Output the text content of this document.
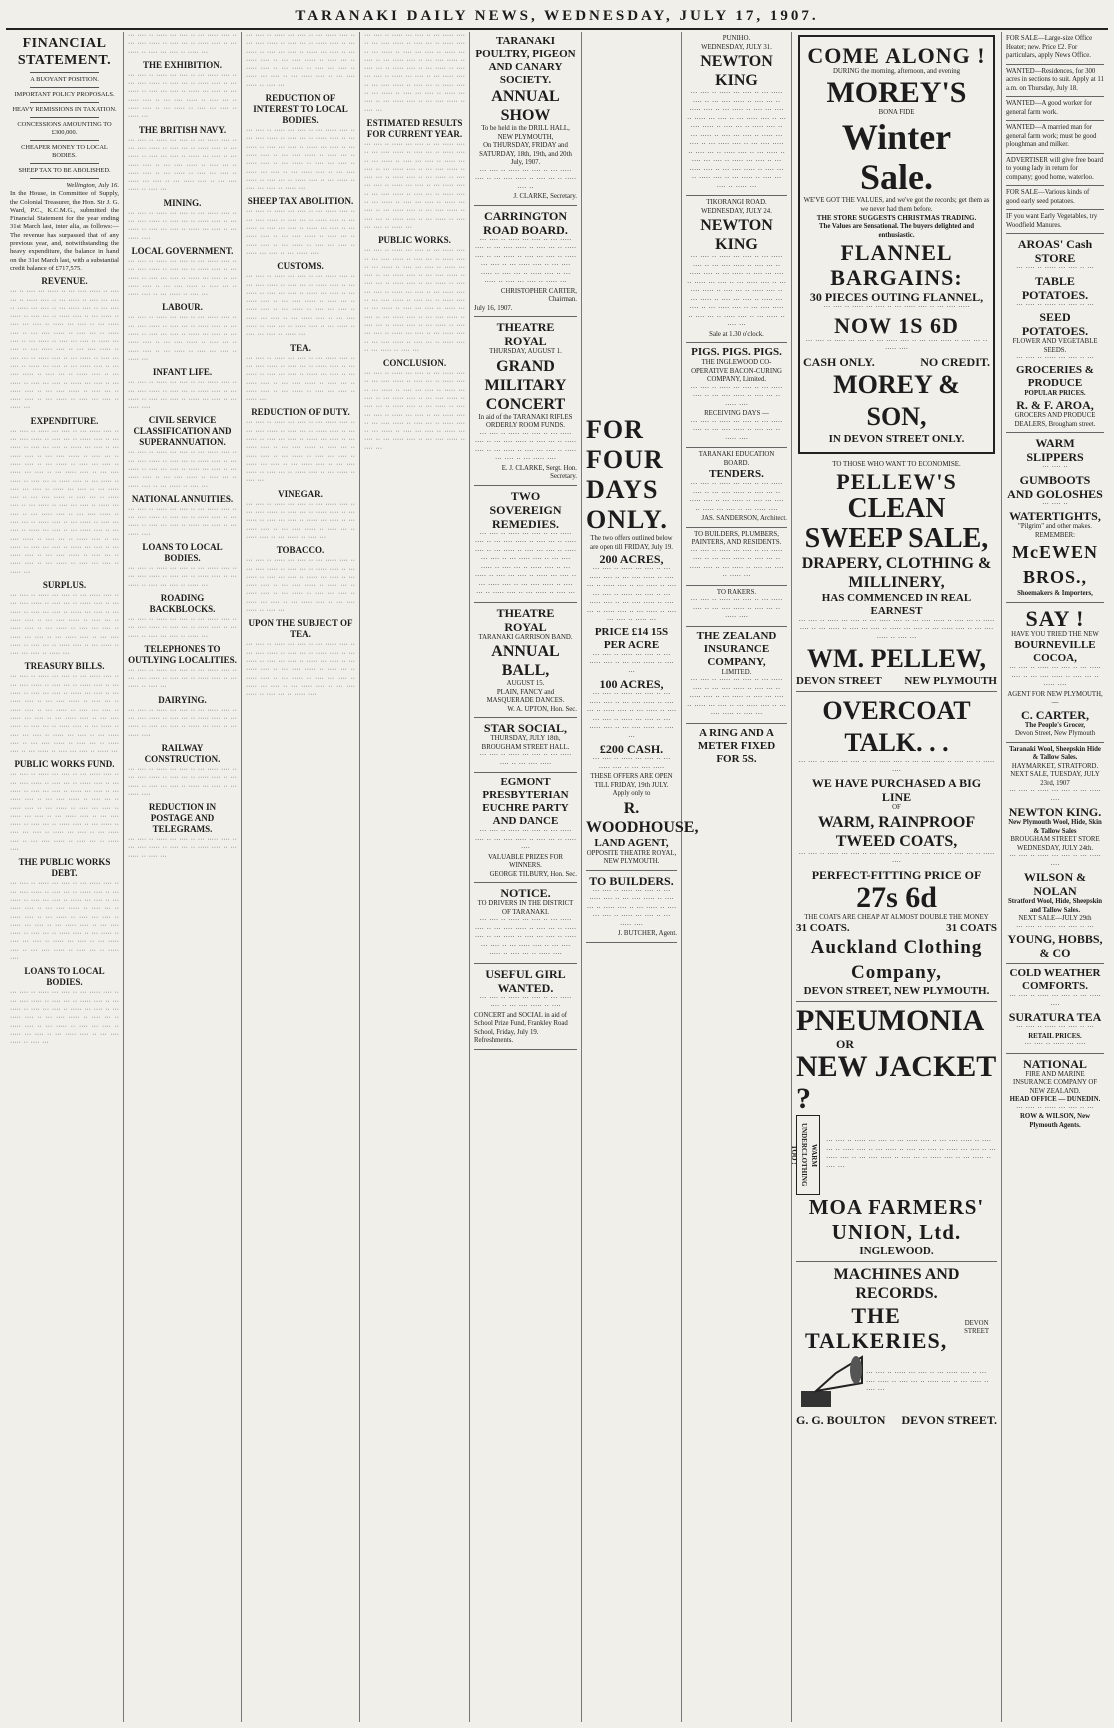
TARANAKI DAILY NEWS, WEDNESDAY, JULY 17, 1907.
FINANCIAL STATEMENT.
A BUOYANT POSITION.
IMPORTANT POLICY PROPOSALS.
HEAVY REMISSIONS IN TAXATION.
CONCESSIONS AMOUNTING TO £300,000.
CHEAPER MONEY TO LOCAL BODIES.
SHEEP TAX TO BE ABOLISHED.
Wellington, July 16.
In the House, in Committee of Supply, the Colonial Treasurer, the Hon. Sir J. G. Ward, P.C., K.C.M.G., submitted the Financial Statement for the year ending 31st March last, inter alia, as follows:— The revenue has surpassed that of any previous year, and, notwithstanding the heavy expenditure, the balance in hand on the 31st March last, with a substantial credit balance of £717,575.
REVENUE.
··· ·· ···· ··· ····· ·· ··· ···· ····· ·· ···· ··· ·· ····· ···· ·· ··· ····· ·· ···· ··· ···· ·· ····· ··· ···· ·· ··· ····· ···· ·· ··· ···· ····· ·· ···· ··· ·· ····· ···· ·· ··· ····· ·· ···· ··· ···· ·· ····· ··· ···· ·· ··· ····· ···· ·· ··· ···· ····· ·· ···· ··· ·· ····· ···· ·· ··· ····· ·· ···· ··· ···· ·· ····· ··· ···· ·· ··· ····· ···· ·· ··· ···· ····· ·· ···· ··· ·· ····· ···· ·· ··· ····· ·· ···· ··· ···· ·· ····· ··· ···· ·· ··· ····· ···· ·· ··· ···· ····· ·· ···· ··· ·· ····· ···· ·· ··· ····· ·· ···· ··· ···· ·· ····· ··· ···· ·· ··· ····· ···· ·· ··· ···· ····· ·· ···· ··· ·· ····· ···· ·· ··· ····· ·· ···· ··· ···· ·· ····· ···
EXPENDITURE.
··· ···· ·· ····· ··· ···· ·· ··· ····· ···· ·· ··· ···· ····· ·· ···· ··· ·· ····· ···· ·· ··· ····· ·· ···· ··· ···· ·· ····· ··· ···· ·· ··· ····· ···· ·· ··· ···· ····· ·· ···· ··· ·· ····· ···· ·· ··· ····· ·· ···· ··· ···· ·· ····· ··· ···· ·· ··· ····· ···· ·· ··· ···· ····· ·· ···· ··· ·· ····· ···· ·· ··· ····· ·· ···· ··· ···· ·· ····· ··· ···· ·· ··· ····· ···· ·· ··· ···· ····· ·· ···· ··· ·· ····· ···· ·· ··· ····· ·· ···· ··· ···· ·· ····· ··· ···· ·· ··· ····· ···· ·· ··· ···· ····· ·· ···· ··· ·· ····· ···· ·· ··· ····· ·· ···· ··· ···· ·· ····· ··· ···· ·· ··· ····· ···· ·· ··· ···· ····· ·· ···· ··· ·· ····· ···· ·· ··· ····· ·· ···· ··· ···· ·· ····· ··· ···· ·· ··· ····· ···· ·· ··· ···· ····· ·· ···· ··· ·· ····· ···· ·· ··· ····· ·· ···· ··· ···· ·· ····· ···
SURPLUS.
··· ···· ·· ····· ··· ···· ·· ··· ····· ···· ·· ··· ···· ····· ·· ···· ··· ·· ····· ···· ·· ··· ····· ·· ···· ··· ···· ·· ····· ··· ···· ·· ··· ····· ···· ·· ··· ···· ····· ·· ···· ··· ·· ····· ···· ·· ··· ····· ·· ···· ··· ···· ·· ····· ··· ···· ·· ··· ····· ···· ·· ··· ···· ····· ·· ···· ··· ·· ····· ···· ·· ··· ····· ·· ···· ··· ···· ·· ····· ···
TREASURY BILLS.
··· ···· ·· ····· ··· ···· ·· ··· ····· ···· ·· ··· ···· ····· ·· ···· ··· ·· ····· ···· ·· ··· ····· ·· ···· ··· ···· ·· ····· ··· ···· ·· ··· ····· ···· ·· ··· ···· ····· ·· ···· ··· ·· ····· ···· ·· ··· ····· ·· ···· ··· ···· ·· ····· ··· ···· ·· ··· ····· ···· ·· ··· ···· ····· ·· ···· ··· ·· ····· ···· ·· ··· ····· ·· ···· ··· ···· ·· ····· ··· ···· ·· ··· ····· ···· ·· ··· ···· ····· ·· ···· ··· ·· ····· ···· ·· ··· ····· ·· ···· ··· ···· ·· ····· ···
PUBLIC WORKS FUND.
··· ···· ·· ····· ··· ···· ·· ··· ····· ···· ·· ··· ···· ····· ·· ···· ··· ·· ····· ···· ·· ··· ····· ·· ···· ··· ···· ·· ····· ··· ···· ·· ··· ····· ···· ·· ··· ···· ····· ·· ···· ··· ·· ····· ···· ·· ··· ····· ·· ···· ··· ···· ·· ····· ··· ···· ·· ··· ····· ···· ·· ··· ···· ····· ·· ···· ··· ·· ····· ···· ·· ··· ····· ·· ···· ··· ···· ·· ····· ··· ···· ·· ··· ····· ···· ·· ··· ···· ····· ·· ···· ··· ·· ····· ····
THE PUBLIC WORKS DEBT.
··· ···· ·· ····· ··· ···· ·· ··· ····· ···· ·· ··· ···· ····· ·· ···· ··· ·· ····· ···· ·· ··· ····· ·· ···· ··· ···· ·· ····· ··· ···· ·· ··· ····· ···· ·· ··· ···· ····· ·· ···· ··· ·· ····· ···· ·· ··· ····· ·· ···· ··· ···· ·· ····· ··· ···· ·· ··· ····· ···· ·· ··· ···· ····· ·· ···· ··· ·· ····· ···· ·· ··· ····· ·· ···· ··· ···· ·· ····· ··· ···· ·· ··· ····· ···· ·· ··· ···· ····· ·· ···· ··· ·· ····· ····
LOANS TO LOCAL BODIES.
··· ···· ·· ····· ··· ···· ·· ··· ····· ···· ·· ··· ···· ····· ·· ···· ··· ·· ····· ···· ·· ··· ····· ·· ···· ··· ···· ·· ····· ··· ···· ·· ··· ····· ···· ·· ··· ···· ····· ·· ···· ··· ·· ····· ···· ·· ··· ····· ·· ···· ··· ···· ·· ····· ··· ···· ·· ··· ····· ···· ·· ··· ···· ····· ·· ···· ···
··· ···· ·· ····· ··· ···· ·· ··· ····· ···· ·· ··· ···· ····· ·· ···· ··· ·· ····· ···· ·· ··· ····· ·· ···· ··· ···· ·· ····· ···
THE EXHIBITION.
··· ···· ·· ····· ··· ···· ·· ··· ····· ···· ·· ··· ···· ····· ·· ···· ··· ·· ····· ···· ·· ··· ····· ·· ···· ··· ···· ·· ····· ··· ···· ·· ··· ····· ···· ·· ··· ···· ····· ·· ···· ··· ·· ····· ···· ·· ··· ····· ·· ···· ··· ···· ·· ····· ···
THE BRITISH NAVY.
··· ···· ·· ····· ··· ···· ·· ··· ····· ···· ·· ··· ···· ····· ·· ···· ··· ·· ····· ···· ·· ··· ····· ·· ···· ··· ···· ·· ····· ··· ···· ·· ··· ····· ···· ·· ··· ···· ····· ·· ···· ··· ·· ····· ···· ·· ··· ····· ·· ···· ··· ···· ·· ····· ··· ···· ·· ··· ····· ···· ·· ··· ···· ····· ·· ···· ···
MINING.
··· ···· ·· ····· ··· ···· ·· ··· ····· ···· ·· ··· ···· ····· ·· ···· ··· ·· ····· ···· ·· ··· ····· ·· ···· ··· ···· ·· ····· ··· ···· ·· ··· ····· ····
LOCAL GOVERNMENT.
··· ···· ·· ····· ··· ···· ·· ··· ····· ···· ·· ··· ···· ····· ·· ···· ··· ·· ····· ···· ·· ··· ····· ·· ···· ··· ···· ·· ····· ··· ···· ·· ··· ····· ···· ·· ··· ···· ····· ·· ···· ··· ·· ····· ···· ·· ··· ····· ·· ···· ···
LABOUR.
··· ···· ·· ····· ··· ···· ·· ··· ····· ···· ·· ··· ···· ····· ·· ···· ··· ·· ····· ···· ·· ··· ····· ·· ···· ··· ···· ·· ····· ··· ···· ·· ··· ····· ···· ·· ··· ···· ····· ·· ···· ··· ·· ····· ···· ·· ··· ····· ·· ···· ··· ···· ·· ····· ···
INFANT LIFE.
··· ···· ·· ····· ··· ···· ·· ··· ····· ···· ·· ··· ···· ····· ·· ···· ··· ·· ····· ···· ·· ··· ····· ·· ···· ··· ···· ·· ····· ··· ···· ·· ··· ····· ····
CIVIL SERVICE CLASSIFICATION AND SUPERANNUATION.
··· ···· ·· ····· ··· ···· ·· ··· ····· ···· ·· ··· ···· ····· ·· ···· ··· ·· ····· ···· ·· ··· ····· ·· ···· ··· ···· ·· ····· ··· ···· ·· ··· ····· ···· ·· ··· ···· ····· ·· ···· ··· ·· ····· ···· ·· ··· ····· ·· ···· ···
NATIONAL ANNUITIES.
··· ···· ·· ····· ··· ···· ·· ··· ····· ···· ·· ··· ···· ····· ·· ···· ··· ·· ····· ···· ·· ··· ····· ·· ···· ··· ···· ·· ····· ··· ···· ·· ··· ····· ····
LOANS TO LOCAL BODIES.
··· ···· ·· ····· ··· ···· ·· ··· ····· ···· ·· ··· ···· ····· ·· ···· ··· ·· ····· ···· ·· ··· ····· ·· ···· ··· ···· ·· ····· ···
ROADING BACKBLOCKS.
··· ···· ·· ····· ··· ···· ·· ··· ····· ···· ·· ··· ···· ····· ·· ···· ··· ·· ····· ···· ·· ··· ····· ·· ···· ··· ···· ·· ····· ···
TELEPHONES TO OUTLYING LOCALITIES.
··· ···· ·· ····· ··· ···· ·· ··· ····· ···· ·· ··· ···· ····· ·· ···· ··· ·· ····· ···· ·· ··· ····· ·· ···· ···
DAIRYING.
··· ···· ·· ····· ··· ···· ·· ··· ····· ···· ·· ··· ···· ····· ·· ···· ··· ·· ····· ···· ·· ··· ····· ·· ···· ··· ···· ·· ····· ··· ···· ·· ··· ····· ····
RAILWAY CONSTRUCTION.
··· ···· ·· ····· ··· ···· ·· ··· ····· ···· ·· ··· ···· ····· ·· ···· ··· ·· ····· ···· ·· ··· ····· ·· ···· ··· ···· ·· ····· ··· ···· ·· ··· ····· ····
REDUCTION IN POSTAGE AND TELEGRAMS.
··· ···· ·· ····· ··· ···· ·· ··· ····· ···· ·· ··· ···· ····· ·· ···· ··· ·· ····· ···· ·· ··· ····· ·· ···· ···
··· ···· ·· ····· ··· ···· ·· ··· ····· ···· ·· ··· ···· ····· ·· ···· ··· ·· ····· ···· ·· ··· ····· ·· ···· ··· ···· ·· ····· ··· ···· ·· ··· ····· ···· ·· ··· ···· ····· ·· ···· ··· ·· ····· ···· ·· ··· ····· ·· ···· ··· ···· ·· ····· ··· ···· ·· ··· ····· ···· ·· ··· ···· ····· ·· ···· ···
REDUCTION OF INTEREST TO LOCAL BODIES.
··· ···· ·· ····· ··· ···· ·· ··· ····· ···· ·· ··· ···· ····· ·· ···· ··· ·· ····· ···· ·· ··· ····· ·· ···· ··· ···· ·· ····· ··· ···· ·· ··· ····· ···· ·· ··· ···· ····· ·· ···· ··· ·· ····· ···· ·· ··· ····· ·· ···· ··· ···· ·· ····· ··· ···· ·· ··· ····· ···· ·· ··· ···· ····· ·· ···· ··· ·· ····· ···· ·· ··· ····· ·· ···· ··· ···· ·· ····· ···
SHEEP TAX ABOLITION.
··· ···· ·· ····· ··· ···· ·· ··· ····· ···· ·· ··· ···· ····· ·· ···· ··· ·· ····· ···· ·· ··· ····· ·· ···· ··· ···· ·· ····· ··· ···· ·· ··· ····· ···· ·· ··· ···· ····· ·· ···· ··· ·· ····· ···· ·· ··· ····· ·· ···· ··· ···· ·· ····· ··· ···· ·· ··· ····· ····
CUSTOMS.
··· ···· ·· ····· ··· ···· ·· ··· ····· ···· ·· ··· ···· ····· ·· ···· ··· ·· ····· ···· ·· ··· ····· ·· ···· ··· ···· ·· ····· ··· ···· ·· ··· ····· ···· ·· ··· ···· ····· ·· ···· ··· ·· ····· ···· ·· ··· ····· ·· ···· ··· ···· ·· ····· ··· ···· ·· ··· ····· ···· ·· ··· ···· ····· ·· ···· ··· ·· ····· ···· ·· ··· ····· ·· ···· ··· ···· ·· ····· ···
TEA.
··· ···· ·· ····· ··· ···· ·· ··· ····· ···· ·· ··· ···· ····· ·· ···· ··· ·· ····· ···· ·· ··· ····· ·· ···· ··· ···· ·· ····· ··· ···· ·· ··· ····· ···· ·· ··· ···· ····· ·· ···· ··· ·· ····· ···· ·· ··· ····· ·· ···· ··· ···· ·· ····· ···
REDUCTION OF DUTY.
··· ···· ·· ····· ··· ···· ·· ··· ····· ···· ·· ··· ···· ····· ·· ···· ··· ·· ····· ···· ·· ··· ····· ·· ···· ··· ···· ·· ····· ··· ···· ·· ··· ····· ···· ·· ··· ···· ····· ·· ···· ··· ·· ····· ···· ·· ··· ····· ·· ···· ··· ···· ·· ····· ··· ···· ·· ··· ····· ···· ·· ··· ···· ····· ·· ···· ··· ·· ····· ···· ·· ··· ····· ·· ···· ···
VINEGAR.
··· ···· ·· ····· ··· ···· ·· ··· ····· ···· ·· ··· ···· ····· ·· ···· ··· ·· ····· ···· ·· ··· ····· ·· ···· ··· ···· ·· ····· ··· ···· ·· ··· ····· ···· ·· ··· ···· ····· ·· ···· ··· ·· ····· ···· ·· ··· ····· ·· ···· ···
TOBACCO.
··· ···· ·· ····· ··· ···· ·· ··· ····· ···· ·· ··· ···· ····· ·· ···· ··· ·· ····· ···· ·· ··· ····· ·· ···· ··· ···· ·· ····· ··· ···· ·· ··· ····· ···· ·· ··· ···· ····· ·· ···· ··· ·· ····· ···· ·· ··· ····· ·· ···· ··· ···· ·· ····· ··· ···· ·· ··· ····· ···· ·· ··· ···· ····· ·· ···· ···
UPON THE SUBJECT OF TEA.
··· ···· ·· ····· ··· ···· ·· ··· ····· ···· ·· ··· ···· ····· ·· ···· ··· ·· ····· ···· ·· ··· ····· ·· ···· ··· ···· ·· ····· ··· ···· ·· ··· ····· ···· ·· ··· ···· ····· ·· ···· ··· ·· ····· ···· ·· ··· ····· ·· ···· ··· ···· ·· ····· ··· ···· ·· ··· ····· ···· ·· ··· ···· ····· ·· ···· ··· ·· ····· ····
··· ···· ·· ····· ··· ···· ·· ··· ····· ···· ·· ··· ···· ····· ·· ···· ··· ·· ····· ···· ·· ··· ····· ·· ···· ··· ···· ·· ····· ··· ···· ·· ··· ····· ···· ·· ··· ···· ····· ·· ···· ··· ·· ····· ···· ·· ··· ····· ·· ···· ··· ···· ·· ····· ··· ···· ·· ··· ····· ···· ·· ··· ···· ····· ·· ···· ··· ·· ····· ···· ·· ··· ····· ·· ···· ··· ···· ·· ····· ··· ···· ·· ··· ····· ···· ·· ··· ···· ····· ·· ···· ···
ESTIMATED RESULTS FOR CURRENT YEAR.
··· ···· ·· ····· ··· ···· ·· ··· ····· ···· ·· ··· ···· ····· ·· ···· ··· ·· ····· ···· ·· ··· ····· ·· ···· ··· ···· ·· ····· ··· ···· ·· ··· ····· ···· ·· ··· ···· ····· ·· ···· ··· ·· ····· ···· ·· ··· ····· ·· ···· ··· ···· ·· ····· ··· ···· ·· ··· ····· ···· ·· ··· ···· ····· ·· ···· ··· ·· ····· ···· ·· ··· ····· ·· ···· ··· ···· ·· ····· ··· ···· ·· ··· ····· ···· ·· ··· ···· ····· ·· ···· ··· ·· ····· ···· ·· ··· ····· ·· ···· ··· ···· ·· ····· ···
PUBLIC WORKS.
··· ···· ·· ····· ··· ···· ·· ··· ····· ···· ·· ··· ···· ····· ·· ···· ··· ·· ····· ···· ·· ··· ····· ·· ···· ··· ···· ·· ····· ··· ···· ·· ··· ····· ···· ·· ··· ···· ····· ·· ···· ··· ·· ····· ···· ·· ··· ····· ·· ···· ··· ···· ·· ····· ··· ···· ·· ··· ····· ···· ·· ··· ···· ····· ·· ···· ··· ·· ····· ···· ·· ··· ····· ·· ···· ··· ···· ·· ····· ··· ···· ·· ··· ····· ···· ·· ··· ···· ····· ·· ···· ··· ·· ····· ···· ·· ··· ····· ·· ···· ··· ···· ·· ····· ··· ···· ·· ··· ····· ···· ·· ··· ···· ····· ·· ···· ··· ·· ····· ···· ·· ··· ····· ·· ···· ···
CONCLUSION.
··· ···· ·· ····· ··· ···· ·· ··· ····· ···· ·· ··· ···· ····· ·· ···· ··· ·· ····· ···· ·· ··· ····· ·· ···· ··· ···· ·· ····· ··· ···· ·· ··· ····· ···· ·· ··· ···· ····· ·· ···· ··· ·· ····· ···· ·· ··· ····· ·· ···· ··· ···· ·· ····· ··· ···· ·· ··· ····· ···· ·· ··· ···· ····· ·· ···· ··· ·· ····· ···· ·· ··· ····· ·· ···· ··· ···· ·· ····· ··· ···· ·· ··· ····· ···· ·· ··· ···· ····· ·· ···· ···
TARANAKI POULTRY, PIGEON AND CANARY SOCIETY.
ANNUAL SHOW
To be held in the DRILL HALL, NEW PLYMOUTH,
On THURSDAY, FRIDAY and SATURDAY, 18th, 19th, and 20th July, 1907.
··· ···· ·· ····· ··· ···· ·· ··· ····· ···· ·· ··· ···· ····· ·· ···· ··· ·· ····· ···· ··
J. CLARKE, Secretary.
CARRINGTON ROAD BOARD.
··· ···· ·· ····· ··· ···· ·· ··· ····· ···· ·· ··· ···· ····· ·· ···· ··· ·· ····· ···· ·· ··· ····· ·· ···· ··· ···· ·· ····· ··· ···· ·· ··· ····· ···· ·· ··· ···· ····· ·· ···· ··· ·· ····· ···· ·· ··· ····· ·· ···· ··· ···· ·· ····· ···
CHRISTOPHER CARTER, Chairman.
July 16, 1907.
THEATRE ROYAL
THURSDAY, AUGUST 1.
GRAND MILITARY CONCERT
In aid of the TARANAKI RIFLES ORDERLY ROOM FUNDS.
··· ···· ·· ····· ··· ···· ·· ··· ····· ···· ·· ··· ···· ····· ·· ···· ··· ·· ····· ···· ·· ··· ····· ·· ···· ··· ···· ·· ····· ··· ···· ·· ··· ····· ····
E. J. CLARKE, Sergt. Hon. Secretary.
TWO SOVEREIGN REMEDIES.
··· ···· ·· ····· ··· ···· ·· ··· ····· ···· ·· ··· ···· ····· ·· ···· ··· ·· ····· ···· ·· ··· ····· ·· ···· ··· ···· ·· ····· ··· ···· ·· ··· ····· ···· ·· ··· ···· ····· ·· ···· ··· ·· ····· ···· ·· ··· ····· ·· ···· ··· ···· ·· ····· ··· ···· ·· ··· ····· ···· ·· ··· ···· ····· ·· ···· ··· ·· ····· ···· ·· ··· ····· ·· ···· ···
THEATRE ROYAL
TARANAKI GARRISON BAND.
ANNUAL BALL,
AUGUST 15.
PLAIN, FANCY and MASQUERADE DANCES.
W. A. UPTON, Hon. Sec.
STAR SOCIAL,
THURSDAY, JULY 18th,
BROUGHAM STREET HALL.
··· ···· ·· ····· ··· ···· ·· ··· ····· ···· ·· ··· ···· ·····
EGMONT PRESBYTERIAN EUCHRE PARTY AND DANCE
··· ···· ·· ····· ··· ···· ·· ··· ····· ···· ·· ··· ···· ····· ·· ···· ··· ·· ····· ····
VALUABLE PRIZES FOR WINNERS.
GEORGE TILBURY, Hon. Sec.
NOTICE.
TO DRIVERS IN THE DISTRICT OF TARANAKI.
··· ···· ·· ····· ··· ···· ·· ··· ····· ···· ·· ··· ···· ····· ·· ···· ··· ·· ····· ···· ·· ··· ····· ·· ···· ··· ···· ·· ····· ··· ···· ·· ··· ····· ···· ·· ··· ···· ····· ·· ···· ··· ·· ····· ····
USEFUL GIRL WANTED.
··· ···· ·· ····· ··· ···· ·· ··· ····· ···· ·· ··· ···· ····· ·· ····
CONCERT and SOCIAL in aid of School Prize Fund, Frankley Road School, Friday, July 19. Refreshments.
FOR FOUR DAYS ONLY.
The two offers outlined below are open till FRIDAY, July 19.
200 ACRES,
··· ···· ·· ····· ··· ···· ·· ··· ····· ···· ·· ··· ···· ····· ·· ···· ··· ·· ····· ···· ·· ··· ····· ·· ···· ··· ···· ·· ····· ··· ···· ·· ··· ····· ···· ·· ··· ···· ····· ·· ···· ··· ·· ····· ···· ·· ··· ····· ·· ···· ··· ···· ·· ····· ···
PRICE £14 15S PER ACRE
··· ···· ·· ····· ··· ···· ·· ··· ····· ···· ·· ··· ···· ····· ·· ···· ···
100 ACRES,
··· ···· ·· ····· ··· ···· ·· ··· ····· ···· ·· ··· ···· ····· ·· ···· ··· ·· ····· ···· ·· ··· ····· ·· ···· ··· ···· ·· ····· ··· ···· ·· ··· ····· ···· ·· ··· ···· ····· ·· ···· ···
£200 CASH.
··· ···· ·· ····· ··· ···· ·· ··· ····· ···· ·· ··· ···· ·····
THESE OFFERS ARE OPEN TILL FRIDAY, 19th JULY.
Apply only to
R. WOODHOUSE,
LAND AGENT,
OPPOSITE THEATRE ROYAL, NEW PLYMOUTH.
TO BUILDERS.
··· ···· ·· ····· ··· ···· ·· ··· ····· ···· ·· ··· ···· ····· ·· ···· ··· ·· ····· ···· ·· ··· ····· ·· ···· ··· ···· ·· ····· ··· ···· ·· ··· ····· ····
J. BUTCHER, Agent.
PUNIHO.
WEDNESDAY, JULY 31.
NEWTON KING
··· ···· ·· ····· ··· ···· ·· ··· ····· ···· ·· ··· ···· ····· ·· ···· ··· ·· ····· ···· ·· ··· ····· ·· ···· ··· ···· ·· ····· ··· ···· ·· ··· ····· ···· ·· ··· ···· ····· ·· ···· ··· ·· ····· ···· ·· ··· ····· ·· ···· ··· ···· ·· ····· ··· ···· ·· ··· ····· ···· ·· ··· ···· ····· ·· ···· ··· ·· ····· ···· ·· ··· ····· ·· ···· ··· ···· ·· ····· ··· ···· ·· ··· ····· ···· ·· ··· ···· ····· ·· ···· ··· ·· ····· ···· ·· ··· ····· ·· ···· ··· ···· ·· ····· ···
TIKORANGI ROAD.
WEDNESDAY, JULY 24.
NEWTON KING
··· ···· ·· ····· ··· ···· ·· ··· ····· ···· ·· ··· ···· ····· ·· ···· ··· ·· ····· ···· ·· ··· ····· ·· ···· ··· ···· ·· ····· ··· ···· ·· ··· ····· ···· ·· ··· ···· ····· ·· ···· ··· ·· ····· ···· ·· ··· ····· ·· ···· ··· ···· ·· ····· ··· ···· ·· ··· ····· ···· ·· ··· ···· ····· ·· ···· ··· ·· ····· ···· ·· ··· ····· ·· ···· ···
Sale at 1.30 o'clock.
PIGS. PIGS. PIGS.
THE INGLEWOOD CO-OPERATIVE BACON-CURING COMPANY, Limited.
··· ···· ·· ····· ··· ···· ·· ··· ····· ···· ·· ··· ···· ····· ·· ···· ··· ·· ····· ····
RECEIVING DAYS —
··· ···· ·· ····· ··· ···· ·· ··· ····· ···· ·· ··· ···· ····· ·· ···· ··· ·· ····· ····
TARANAKI EDUCATION BOARD.
TENDERS.
··· ···· ·· ····· ··· ···· ·· ··· ····· ···· ·· ··· ···· ····· ·· ···· ··· ·· ····· ···· ·· ··· ····· ·· ···· ··· ···· ·· ····· ··· ···· ·· ··· ····· ····
JAS. SANDERSON, Architect.
TO BUILDERS, PLUMBERS, PAINTERS, AND RESIDENTS.
··· ···· ·· ····· ··· ···· ·· ··· ····· ···· ·· ··· ···· ····· ·· ···· ··· ·· ····· ···· ·· ··· ····· ·· ···· ··· ···· ·· ····· ···
TO RAKERS.
··· ···· ·· ····· ··· ···· ·· ··· ····· ···· ·· ··· ···· ····· ·· ···· ··· ·· ····· ····
THE ZEALAND INSURANCE COMPANY,
LIMITED.
··· ···· ·· ····· ··· ···· ·· ··· ····· ···· ·· ··· ···· ····· ·· ···· ··· ·· ····· ···· ·· ··· ····· ·· ···· ··· ···· ·· ····· ··· ···· ·· ··· ····· ···· ·· ··· ···· ····· ·· ···· ···
A RING AND A METER FIXED FOR 5S.
COME ALONG !
DURING the morning, afternoon, and evening
MOREY'S
BONA FIDE
Winter Sale.
WE'VE GOT THE VALUES, and we've got the records; get them as we never had them before.
THE STORE SUGGESTS CHRISTMAS TRADING.
The Values are Sensational. The buyers delighted and enthusiastic.
FLANNEL BARGAINS:
30 PIECES OUTING FLANNEL,
··· ···· ·· ····· ··· ···· ·· ··· ····· ···· ·· ··· ···· ·····
NOW 1S 6D
··· ···· ·· ····· ··· ···· ·· ··· ····· ···· ·· ··· ···· ····· ·· ···· ··· ·· ····· ····
CASH ONLY.	NO CREDIT.
MOREY & SON,
IN DEVON STREET ONLY.
TO THOSE WHO WANT TO ECONOMISE.
PELLEW'S
CLEAN SWEEP SALE,
DRAPERY, CLOTHING & MILLINERY,
HAS COMMENCED IN REAL EARNEST
··· ···· ·· ····· ··· ···· ·· ··· ····· ···· ·· ··· ···· ····· ·· ···· ··· ·· ····· ···· ·· ··· ····· ·· ···· ··· ···· ·· ····· ··· ···· ·· ··· ····· ···· ·· ··· ···· ····· ·· ···· ···
WM. PELLEW,
DEVON STREET NEW PLYMOUTH
OVERCOAT TALK. . .
··· ···· ·· ····· ··· ···· ·· ··· ····· ···· ·· ··· ···· ····· ·· ···· ··· ·· ····· ····
WE HAVE PURCHASED A BIG LINE
OF
WARM, RAINPROOF TWEED COATS,
··· ···· ·· ····· ··· ···· ·· ··· ····· ···· ·· ··· ···· ····· ·· ···· ··· ·· ····· ····
PERFECT-FITTING PRICE OF
27s 6d
THE COATS ARE CHEAP AT ALMOST DOUBLE THE MONEY
31 COATS.	31 COATS
Auckland Clothing Company,
DEVON STREET, NEW PLYMOUTH.
PNEUMONIA
OR
NEW JACKET ?
WARM UNDERCLOTHING TOO !
··· ···· ·· ····· ··· ···· ·· ··· ····· ···· ·· ··· ···· ····· ·· ···· ··· ·· ····· ···· ·· ··· ····· ·· ···· ··· ···· ·· ····· ··· ···· ·· ··· ····· ···· ·· ··· ···· ····· ·· ···· ··· ·· ····· ···· ·· ··· ····· ·· ···· ···
MOA FARMERS' UNION, Ltd.
INGLEWOOD.
MACHINES AND RECORDS.
THE TALKERIES,
DEVON STREET
··· ···· ·· ····· ··· ···· ·· ··· ····· ···· ·· ··· ···· ····· ·· ···· ··· ·· ····· ···· ·· ··· ····· ·· ···· ···
G. G. BOULTON DEVON STREET.
FOR SALE—Large-size Office Heater; new. Price £2. For particulars, apply News Office.
WANTED—Residences, for 300 acres in sections to suit. Apply at 11 a.m. on Thursday, July 18.
WANTED—A good worker for general farm work.
WANTED—A married man for general farm work; must be good ploughman and milker.
ADVERTISER will give free board to young lady in return for company; good home, waterloo.
FOR SALE—Various kinds of good early seed potatoes.
IF you want Early Vegetables, try Woodfield Manures.
AROAS' Cash STORE
··· ···· ·· ····· ··· ···· ·· ···
TABLE POTATOES.
··· ···· ·· ····· ··· ···· ·· ···
SEED POTATOES.
FLOWER AND VEGETABLE SEEDS.
··· ···· ·· ····· ··· ···· ·· ···
GROCERIES & PRODUCE
POPULAR PRICES.
R. & F. AROA,
GROCERS AND PRODUCE DEALERS, Brougham street.
WARM SLIPPERS
··· ···· ··
GUMBOOTS AND GOLOSHES
··· ···· ··
WATERTIGHTS,
"Pilgrim" and other makes.
REMEMBER:
McEWEN BROS.,
Shoemakers & Importers,
SAY !
HAVE YOU TRIED THE NEW
BOURNEVILLE COCOA,
··· ···· ·· ····· ··· ···· ·· ··· ····· ···· ·· ··· ···· ····· ·· ···· ··· ·· ····· ····
AGENT FOR NEW PLYMOUTH,—
C. CARTER,
The People's Grocer,
Devon Street, New Plymouth
Taranaki Wool, Sheepskin Hide & Tallow Sales.
HAYMARKET, STRATFORD.
NEXT SALE, TUESDAY, JULY 23rd, 1907
··· ···· ·· ····· ··· ···· ·· ··· ····· ····
NEWTON KING.
New Plymouth Wool, Hide, Skin & Tallow Sales
BROUGHAM STREET STORE
WEDNESDAY, JULY 24th.
··· ···· ·· ····· ··· ···· ·· ··· ····· ····
WILSON & NOLAN
Stratford Wool, Hide, Sheepskin and Tallow Sales.
NEXT SALE—JULY 29th
··· ···· ·· ····· ··· ···· ·· ···
YOUNG, HOBBS, & CO
COLD WEATHER COMFORTS.
··· ···· ·· ····· ··· ···· ·· ··· ····· ····
SURATURA TEA
··· ···· ·· ····· ··· ···· ·· ···
RETAIL PRICES.
··· ···· ·· ····· ··· ····
NATIONAL
FIRE AND MARINE INSURANCE COMPANY OF NEW ZEALAND.
HEAD OFFICE — DUNEDIN.
··· ···· ·· ····· ··· ···· ·· ···
ROW & WILSON, New Plymouth Agents.
